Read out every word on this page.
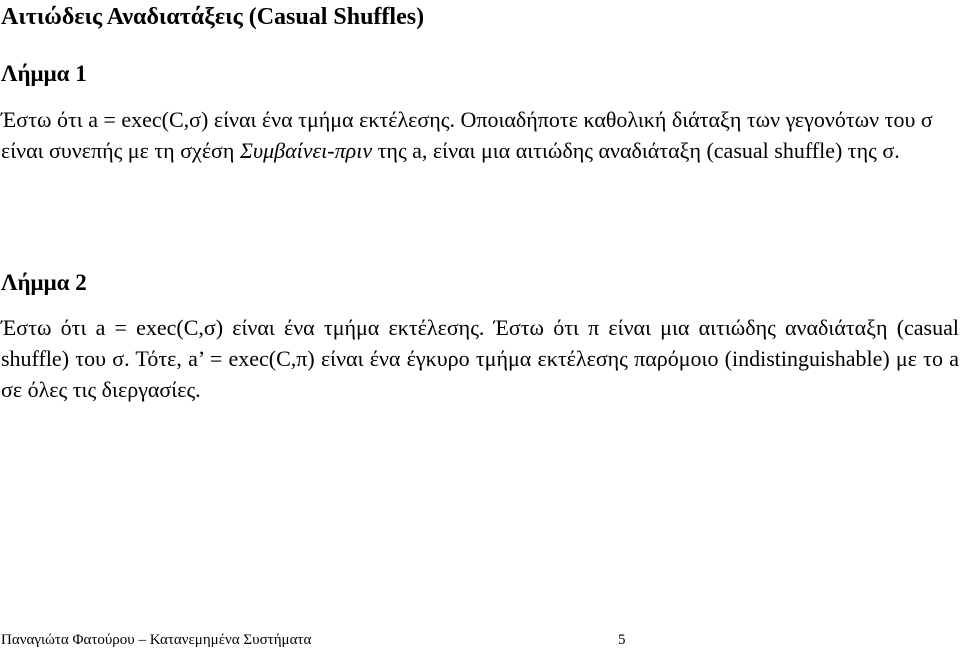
Αιτιώδεις Αναδιατάξεις (Casual Shuffles)
Λήμμα 1

Έστω ότι a = exec(C,σ) είναι ένα τμήμα εκτέλεσης. Οποιαδήποτε καθολική διάταξη των γεγονότων του σ είναι συνεπής με τη σχέση Συμβαίνει-πριν της a, είναι μια αιτιώδης αναδιάταξη (casual shuffle) της σ.

Λήμμα 2

Έστω ότι a = exec(C,σ) είναι ένα τμήμα εκτέλεσης. Έστω ότι π είναι μια αιτιώδης αναδιάταξη (casual shuffle) του σ. Τότε, a’ = exec(C,π) είναι ένα έγκυρο τμήμα εκτέλεσης παρόμοιο (indistinguishable) με το a σε όλες τις διεργασίες.

Παναγιώτα Φατούρου – Κατανεμημένα Συστήματα	5
